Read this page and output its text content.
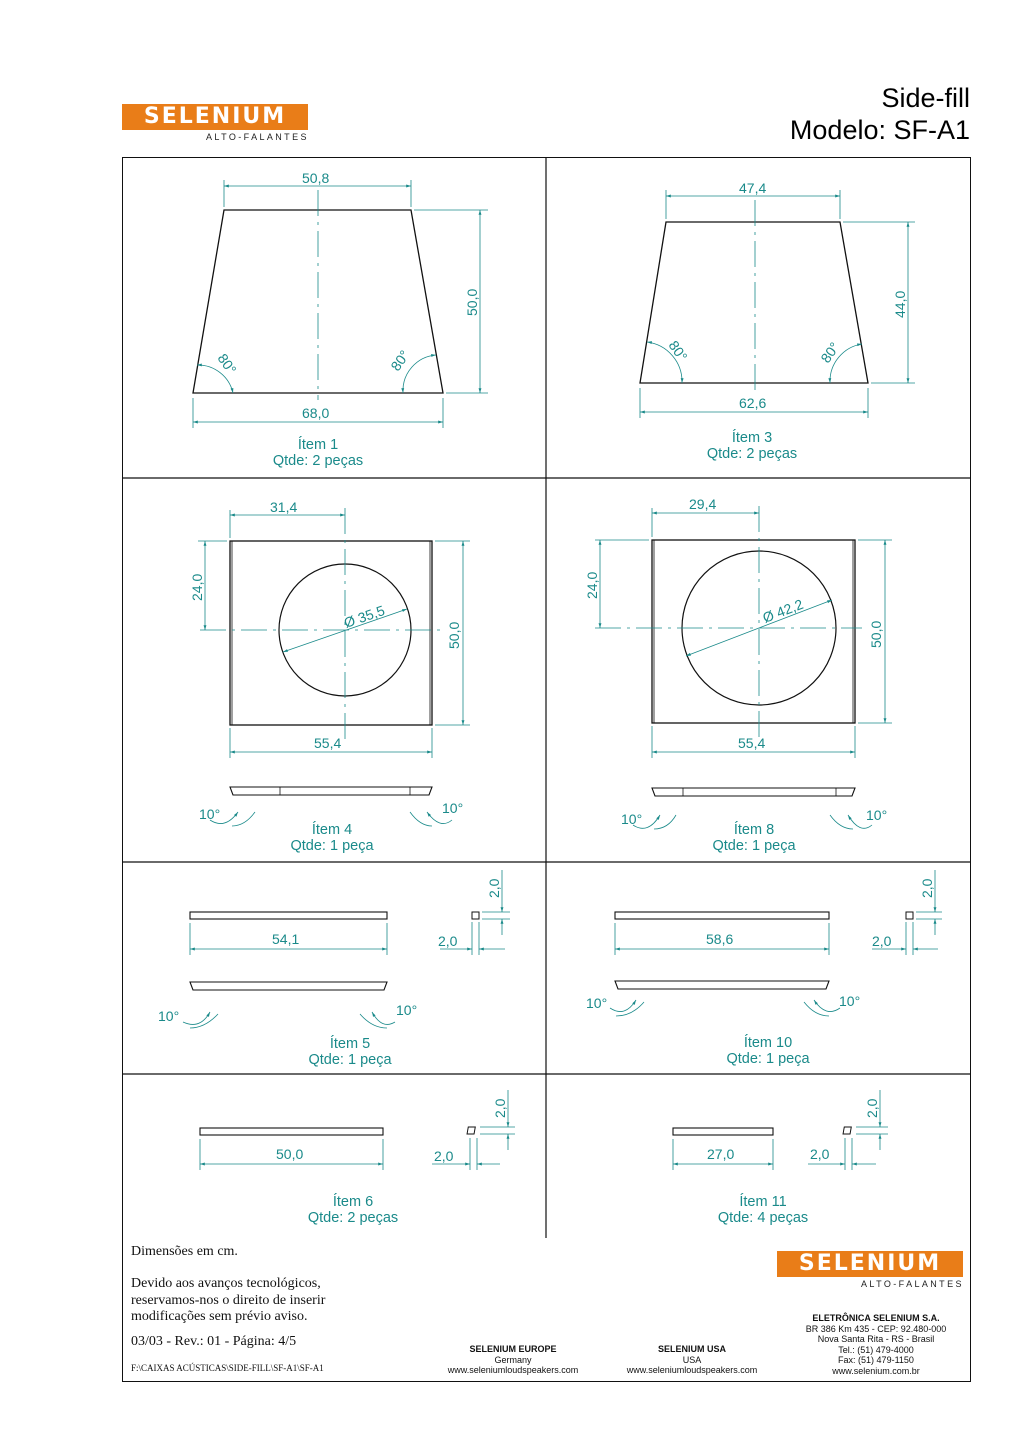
SELENIUM
ALTO-FALANTES
Side-fill
Modelo: SF-A1
50,8
68,0
50,0
80°	80°
47,4
62,6
44,0
80°	80°
31,4
24,0
Ø 35,5
50,0
55,4
10°	10°
29,4
24,0
Ø 42,2
50,0
55,4
10°	10°
54,1	2,0
2,0
10°	10°
58,6	2,0
2,0
10°	10°
50,0	2,0
2,0
27,0	2,0
2,0
Ítem 1
Qtde: 2 peças
Ítem 3
Qtde: 2 peças
Ítem 4
Qtde: 1 peça
Ítem 8
Qtde: 1 peça
Ítem 5
Qtde: 1 peça
Ítem 10
Qtde: 1 peça
Ítem 6
Qtde: 2 peças
Ítem 11
Qtde: 4 peças
Dimensões em cm.
Devido aos avanços tecnológicos,
reservamos-nos o direito de inserir
modificações sem prévio aviso.
03/03 - Rev.: 01 - Página: 4/5
F:\CAIXAS ACÚSTICAS\SIDE-FILL\SF-A1\SF-A1
SELENIUM
ALTO-FALANTES
SELENIUM EUROPE
Germany
www.seleniumloudspeakers.com
SELENIUM USA
USA
www.seleniumloudspeakers.com
ELETRÔNICA SELENIUM S.A.
BR 386 Km 435 - CEP: 92.480-000
Nova Santa Rita - RS - Brasil
Tel.: (51) 479-4000
Fax: (51) 479-1150
www.selenium.com.br
